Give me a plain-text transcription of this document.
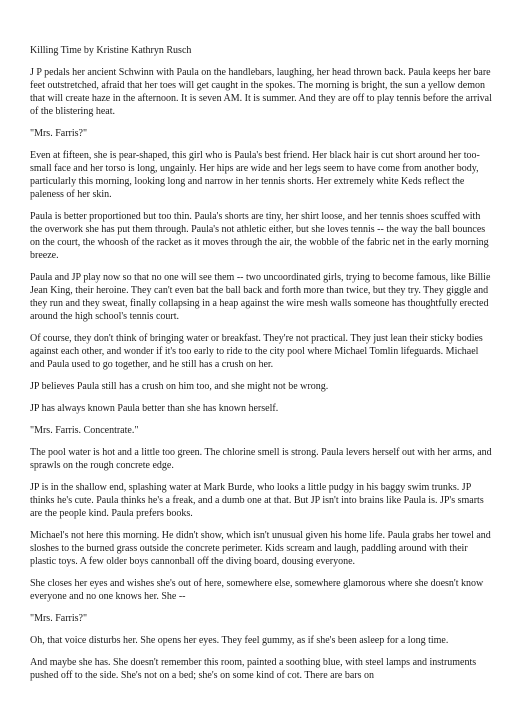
Killing Time by Kristine Kathryn Rusch

J P pedals her ancient Schwinn with Paula on the handlebars, laughing, her head thrown back. Paula keeps her bare feet outstretched, afraid that her toes will get caught in the spokes. The morning is bright, the sun a yellow demon that will create haze in the afternoon. It is seven AM. It is summer. And they are off to play tennis before the arrival of the blistering heat.

"Mrs. Farris?"

Even at fifteen, she is pear-shaped, this girl who is Paula's best friend. Her black hair is cut short around her too-small face and her torso is long, ungainly. Her hips are wide and her legs seem to have come from another body, particularly this morning, looking long and narrow in her tennis shorts. Her extremely white Keds reflect the paleness of her skin.

Paula is better proportioned but too thin. Paula's shorts are tiny, her shirt loose, and her tennis shoes scuffed with the overwork she has put them through. Paula's not athletic either, but she loves tennis -- the way the ball bounces on the court, the whoosh of the racket as it moves through the air, the wobble of the fabric net in the early morning breeze.

Paula and JP play now so that no one will see them -- two uncoordinated girls, trying to become famous, like Billie Jean King, their heroine. They can't even bat the ball back and forth more than twice, but they try. They giggle and they run and they sweat, finally collapsing in a heap against the wire mesh walls someone has thoughtfully erected around the high school's tennis court.

Of course, they don't think of bringing water or breakfast. They're not practical. They just lean their sticky bodies against each other, and wonder if it's too early to ride to the city pool where Michael Tomlin lifeguards. Michael and Paula used to go together, and he still has a crush on her.

JP believes Paula still has a crush on him too, and she might not be wrong.

JP has always known Paula better than she has known herself.

"Mrs. Farris. Concentrate."

The pool water is hot and a little too green. The chlorine smell is strong. Paula levers herself out with her arms, and sprawls on the rough concrete edge.

JP is in the shallow end, splashing water at Mark Burde, who looks a little pudgy in his baggy swim trunks. JP thinks he's cute. Paula thinks he's a freak, and a dumb one at that. But JP isn't into brains like Paula is. JP's smarts are the people kind. Paula prefers books.

Michael's not here this morning. He didn't show, which isn't unusual given his home life. Paula grabs her towel and sloshes to the burned grass outside the concrete perimeter. Kids scream and laugh, paddling around with their plastic toys. A few older boys cannonball off the diving board, dousing everyone.

She closes her eyes and wishes she's out of here, somewhere else, somewhere glamorous where she doesn't know everyone and no one knows her. She --

"Mrs. Farris?"

Oh, that voice disturbs her. She opens her eyes. They feel gummy, as if she's been asleep for a long time.

And maybe she has. She doesn't remember this room, painted a soothing blue, with steel lamps and instruments pushed off to the side. She's not on a bed; she's on some kind of cot. There are bars on
